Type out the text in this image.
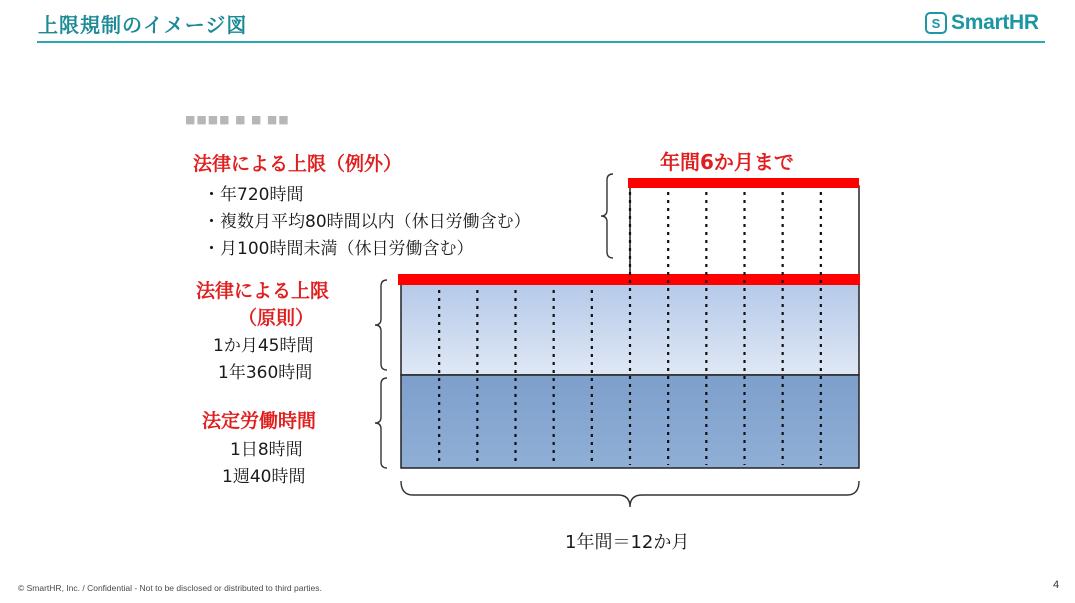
上限規制のイメージ図	S SmartHR
■■■■ ■ ■ ■■
法律による上限（例外）
・年720時間
・複数月平均80時間以内（休日労働含む）
・月100時間未満（休日労働含む）
法律による上限
（原則）
1か月45時間
1年360時間
法定労働時間
1日8時間
1週40時間
年間6か月まで
1年間＝12か月
© SmartHR, Inc. / Confidential - Not to be disclosed or distributed to third parties.	4
